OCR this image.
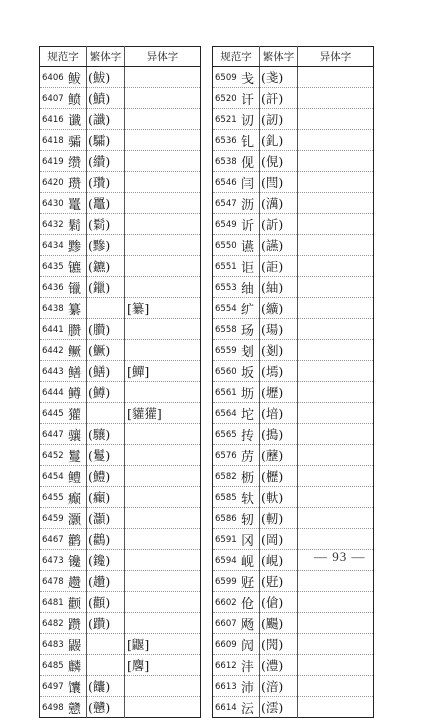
规范字	繁体字	异体字
6406 鲅	(鮁)	
6407 鲼	(鱝)	
6416 谶	(讖)	
6418 骦	(驦)	
6419 缵	(纘)	
6420 瓒	(瓚)	
6430 鼍	(鼉)	
6432 鬁	(鬁)	
6434 黪	(黲)	
6435 镳	(鑣)	
6436 镴	(鑞)	
6438 纂		[纂]
6441 臜	(臢)	
6442 鳜	(鱖)	
6443 鳝	(鱔)	[鱓]
6444 鳟	(鱒)	
6445 獾		[貛獾]
6447 骧	(驤)	
6452 鬘	(鬘)	
6454 鳢	(鱧)	
6455 癫	(癲)	
6459 灏	(灝)	
6467 鹳	(鸛)	
6473 镵	(鑱)	
6478 趱	(趲)	
6481 颧	(顴)	
6482 躜	(躦)	
6483 鼹		[鼴]
6485 麟		[麐]
6497 馕	(饢)	
6498 戆	(戇)	
规范字	繁体字	异体字
6509 戋	(戔)	
6520 讦	(訐)	
6521 讱	(訒)	
6536 钆	(釓)	
6538 伣	(俔)	
6546 闫	(閆)	
6547 沥	(澫)	
6549 䜣	(訢)	
6550 䜩	(讌)	
6551 讵	(詎)	
6553 䌷	(紬)	
6554 纩	(纊)	
6558 玚	(瑒)	
6559 刬	(剗)	
6560 坂	(墕)	
6561 坜	(壢)	
6564 坨	(堷)	
6565 抟	(搗)	
6576 苈	(藶)	
6582 枥	(櫪)	
6585 轪	(軑)	
6586 轫	(軔)	
6591 冈	(岡)	
6594 岘	(峴)	
6599 觃	(覎)	
6602 伧	(傖)	
6607 飏	(颺)	
6609 闶	(閌)	
6612 沣	(澧)	
6613 沛	(湆)	
6614 沄	(澐)	
— 93 —
